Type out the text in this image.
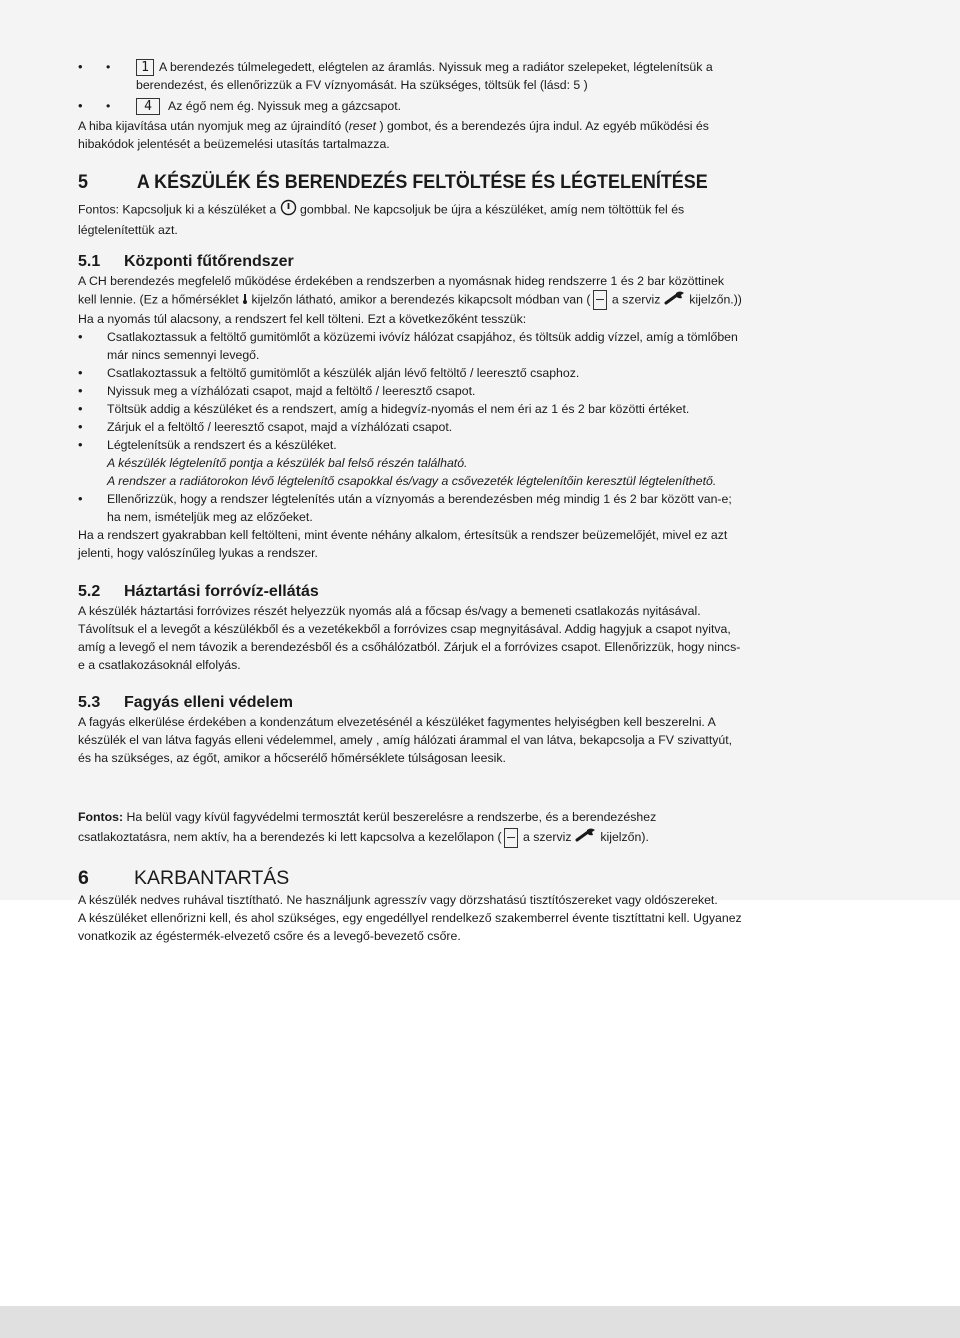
• • 1 A berendezés túlmelegedett, elégtelen az áramlás. Nyissuk meg a radiátor szelepeket, légtelenítsük a berendezést, és ellenőrizzük a FV víznyomását. Ha szükséges, töltsük fel (lásd: 5 )
• •	4 Az égő nem ég. Nyissuk meg a gázcsapot.

A hiba kijavítása után nyomjuk meg az újraindító (reset ) gombot, és a berendezés újra indul. Az egyéb működési és hibakódok jelentését a beüzemelési utasítás tartalmazza.

5	A KÉSZÜLÉK ÉS BERENDEZÉS FELTÖLTÉSE ÉS LÉGTELENÍTÉSE

Fontos: Kapcsoljuk ki a készüléket a  gombbal. Ne kapcsoljuk be újra a készüléket, amíg nem töltöttük fel és légtelenítettük azt.

5.1 Központi fűtőrendszer

A CH berendezés megfelelő működése érdekében a rendszerben a nyomásnak hideg rendszerre 1 és 2 bar közöttinek kell lennie. (Ez a hőmérséklet  kijelzőn látható, amikor a berendezés kikapcsolt módban van ( a szerviz  kijelzőn.)) Ha a nyomás túl alacsony, a rendszert fel kell tölteni. Ezt a következőként tesszük:

• Csatlakoztassuk a feltöltő gumitömlőt a közüzemi ivóvíz hálózat csapjához, és töltsük addig vízzel, amíg a tömlőben már nincs semennyi levegő.

• Csatlakoztassuk a feltöltő gumitömlőt a készülék alján lévő feltöltő / leeresztő csaphoz.

• Nyissuk meg a vízhálózati csapot, majd a feltöltő / leeresztő csapot.

• Töltsük addig a készüléket és a rendszert, amíg a hidegvíz-nyomás el nem éri az 1 és 2 bar közötti értéket.

• Zárjuk el a feltöltő / leeresztő csapot, majd a vízhálózati csapot.

• Légtelenítsük a rendszert és a készüléket.
A készülék légtelenítő pontja a készülék bal felső részén található.
A rendszer a radiátorokon lévő légtelenítő csapokkal és/vagy a csővezeték légtelenítőin keresztül légteleníthető.

• Ellenőrizzük, hogy a rendszer légtelenítés után a víznyomás a berendezésben még mindig 1 és 2 bar között van-e; ha nem, ismételjük meg az előzőeket.

Ha a rendszert gyakrabban kell feltölteni, mint évente néhány alkalom, értesítsük a rendszer beüzemelőjét, mivel ez azt jelenti, hogy valószínűleg lyukas a rendszer.

5.2 Háztartási forróvíz-ellátás

A készülék háztartási forróvizes részét helyezzük nyomás alá a főcsap és/vagy a bemeneti csatlakozás nyitásával. Távolítsuk el a levegőt a készülékből és a vezetékekből a forróvizes csap megnyitásával. Addig hagyjuk a csapot nyitva, amíg a levegő el nem távozik a berendezésből és a csőhálózatból. Zárjuk el a forróvizes csapot. Ellenőrizzük, hogy nincs-e a csatlakozásoknál elfolyás.

5.3 Fagyás elleni védelem

A fagyás elkerülése érdekében a kondenzátum elvezetésénél a készüléket fagymentes helyiségben kell beszerelni. A készülék el van látva fagyás elleni védelemmel, amely , amíg hálózati árammal el van látva, bekapcsolja a FV szivattyút, és ha szükséges, az égőt, amikor a hőcserélő hőmérséklete túlságosan leesik.

Fontos: Ha belül vagy kívül fagyvédelmi termosztát kerül beszerelésre a rendszerbe, és a berendezéshez csatlakoztatásra, nem aktív, ha a berendezés ki lett kapcsolva a kezelőlapon ( a szerviz  kijelzőn).

6 KARBANTARTÁS

A készülék nedves ruhával tisztítható. Ne használjunk agresszív vagy dörzshatású tisztítószereket vagy oldószereket.

A készüléket ellenőrizni kell, és ahol szükséges, egy engedéllyel rendelkező szakemberrel évente tisztíttatni kell. Ugyanez vonatkozik az égéstermék-elvezető csőre és a levegő-bevezető csőre.
